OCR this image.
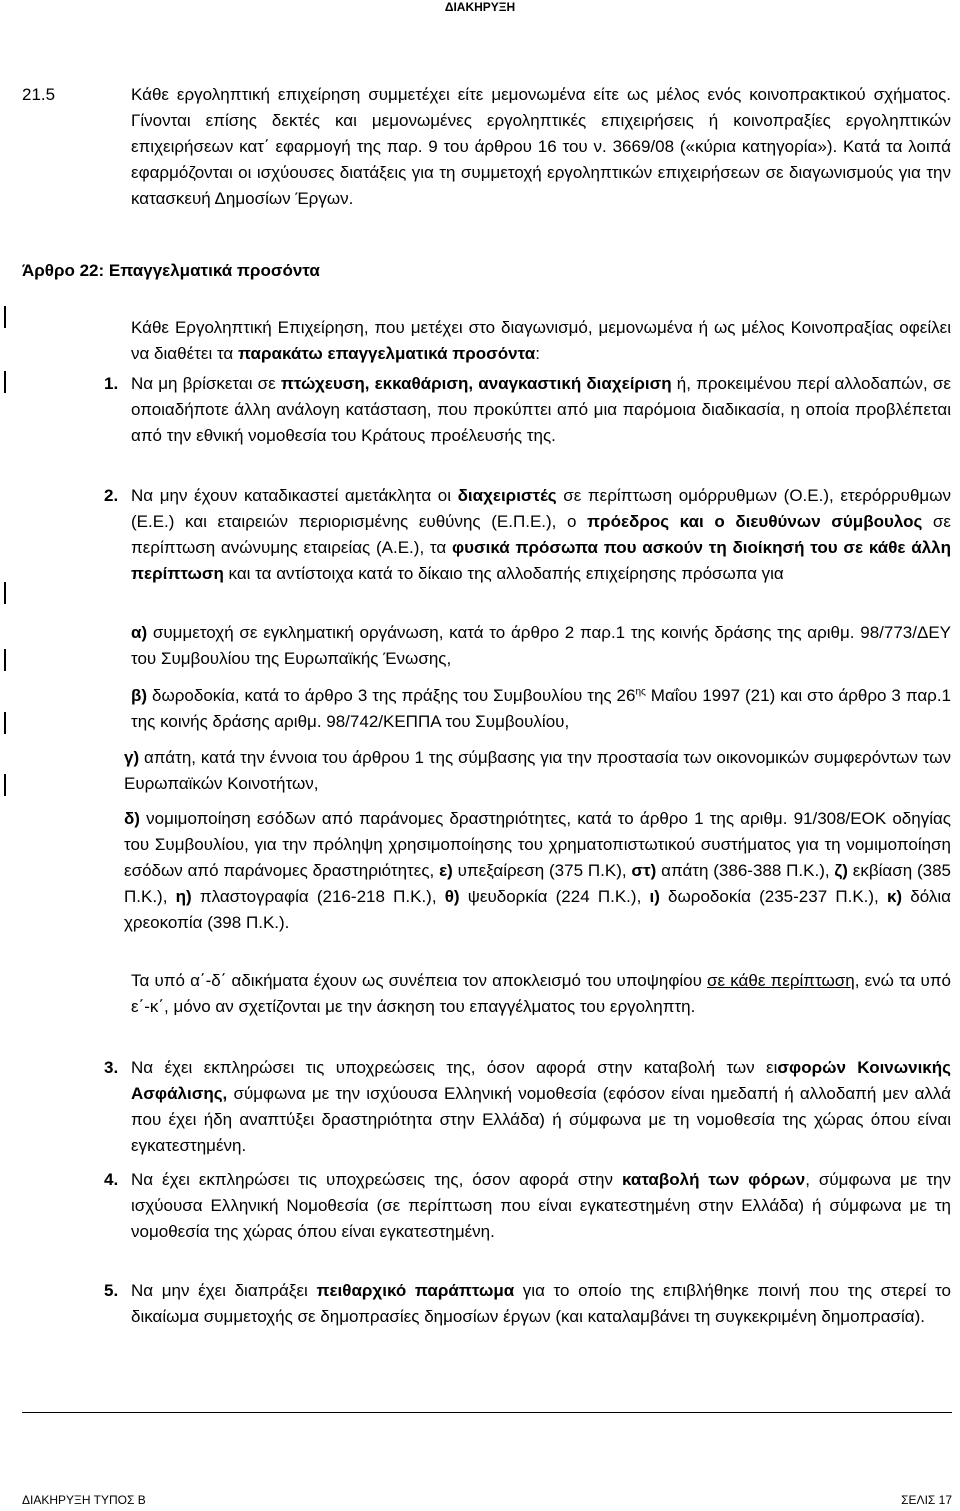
ΔΙΑΚΗΡΥΞΗ
21.5	Κάθε εργοληπτική επιχείρηση συμμετέχει είτε μεμονωμένα είτε ως μέλος ενός κοινοπρακτικού σχήματος. Γίνονται επίσης δεκτές και μεμονωμένες εργοληπτικές επιχειρήσεις ή κοινοπραξίες εργοληπτικών επιχειρήσεων κατ΄ εφαρμογή της παρ. 9 του άρθρου 16 του ν. 3669/08 («κύρια κατηγορία»). Κατά τα λοιπά εφαρμόζονται οι ισχύουσες διατάξεις για τη συμμετοχή εργοληπτικών επιχειρήσεων σε διαγωνισμούς για την κατασκευή Δημοσίων Έργων.

Άρθρο 22: Επαγγελματικά προσόντα

Κάθε Εργοληπτική Επιχείρηση, που μετέχει στο διαγωνισμό, μεμονωμένα ή ως μέλος Κοινοπραξίας οφείλει να διαθέτει τα παρακάτω επαγγελματικά προσόντα:

1. Να μη βρίσκεται σε πτώχευση, εκκαθάριση, αναγκαστική διαχείριση ή, προκειμένου περί αλλοδαπών, σε οποιαδήποτε άλλη ανάλογη κατάσταση, που προκύπτει από μια παρόμοια διαδικασία, η οποία προβλέπεται από την εθνική νομοθεσία του Κράτους προέλευσής της.

2. Να μην έχουν καταδικαστεί αμετάκλητα οι διαχειριστές σε περίπτωση ομόρρυθμων (Ο.Ε.), ετερόρρυθμων (Ε.Ε.) και εταιρειών περιορισμένης ευθύνης (Ε.Π.Ε.), ο πρόεδρος και ο διευθύνων σύμβουλος σε περίπτωση ανώνυμης εταιρείας (Α.Ε.), τα φυσικά πρόσωπα που ασκούν τη διοίκησή του σε κάθε άλλη περίπτωση και τα αντίστοιχα κατά το δίκαιο της αλλοδαπής επιχείρησης πρόσωπα για

α) συμμετοχή σε εγκληματική οργάνωση, κατά το άρθρο 2 παρ.1 της κοινής δράσης της αριθμ. 98/773/ΔΕΥ του Συμβουλίου της Ευρωπαϊκής Ένωσης,

β) δωροδοκία, κατά το άρθρο 3 της πράξης του Συμβουλίου της $26^{\eta\varsigma}$ Μαΐου 1997 (21) και στο άρθρο 3 παρ.1 της κοινής δράσης αριθμ. 98/742/ΚΕΠΠΑ του Συμβουλίου,

γ) απάτη, κατά την έννοια του άρθρου 1 της σύμβασης για την προστασία των οικονομικών συμφερόντων των Ευρωπαϊκών Κοινοτήτων,

δ) νομιμοποίηση εσόδων από παράνομες δραστηριότητες, κατά το άρθρο 1 της αριθμ. 91/308/ΕΟΚ οδηγίας του Συμβουλίου, για την πρόληψη χρησιμοποίησης του χρηματοπιστωτικού συστήματος για τη νομιμοποίηση εσόδων από παράνομες δραστηριότητες, ε) υπεξαίρεση (375 Π.Κ), στ) απάτη (386-388 Π.Κ.), ζ) εκβίαση (385 Π.Κ.), η) πλαστογραφία (216-218 Π.Κ.), θ) ψευδορκία (224 Π.Κ.), ι) δωροδοκία (235-237 Π.Κ.), κ) δόλια χρεοκοπία (398 Π.Κ.).

Τα υπό α΄-δ΄ αδικήματα έχουν ως συνέπεια τον αποκλεισμό του υποψηφίου σε κάθε περίπτωση, ενώ τα υπό ε΄-κ΄, μόνο αν σχετίζονται με την άσκηση του επαγγέλματος του εργοληπτη.

3. Να έχει εκπληρώσει τις υποχρεώσεις της, όσον αφορά στην καταβολή των εισφορών Κοινωνικής Ασφάλισης, σύμφωνα με την ισχύουσα Ελληνική νομοθεσία (εφόσον είναι ημεδαπή ή αλλοδαπή μεν αλλά που έχει ήδη αναπτύξει δραστηριότητα στην Ελλάδα) ή σύμφωνα με τη νομοθεσία της χώρας όπου είναι εγκατεστημένη.

4. Να έχει εκπληρώσει τις υποχρεώσεις της, όσον αφορά στην καταβολή των φόρων, σύμφωνα με την ισχύουσα Ελληνική Νομοθεσία (σε περίπτωση που είναι εγκατεστημένη στην Ελλάδα) ή σύμφωνα με τη νομοθεσία της χώρας όπου είναι εγκατεστημένη.

5. Να μην έχει διαπράξει πειθαρχικό παράπτωμα για το οποίο της επιβλήθηκε ποινή που της στερεί το δικαίωμα συμμετοχής σε δημοπρασίες δημοσίων έργων (και καταλαμβάνει τη συγκεκριμένη δημοπρασία).

ΔΙΑΚΗΡΥΞΗ ΤΥΠΟΣ Β	ΣΕΛΙΣ 17
